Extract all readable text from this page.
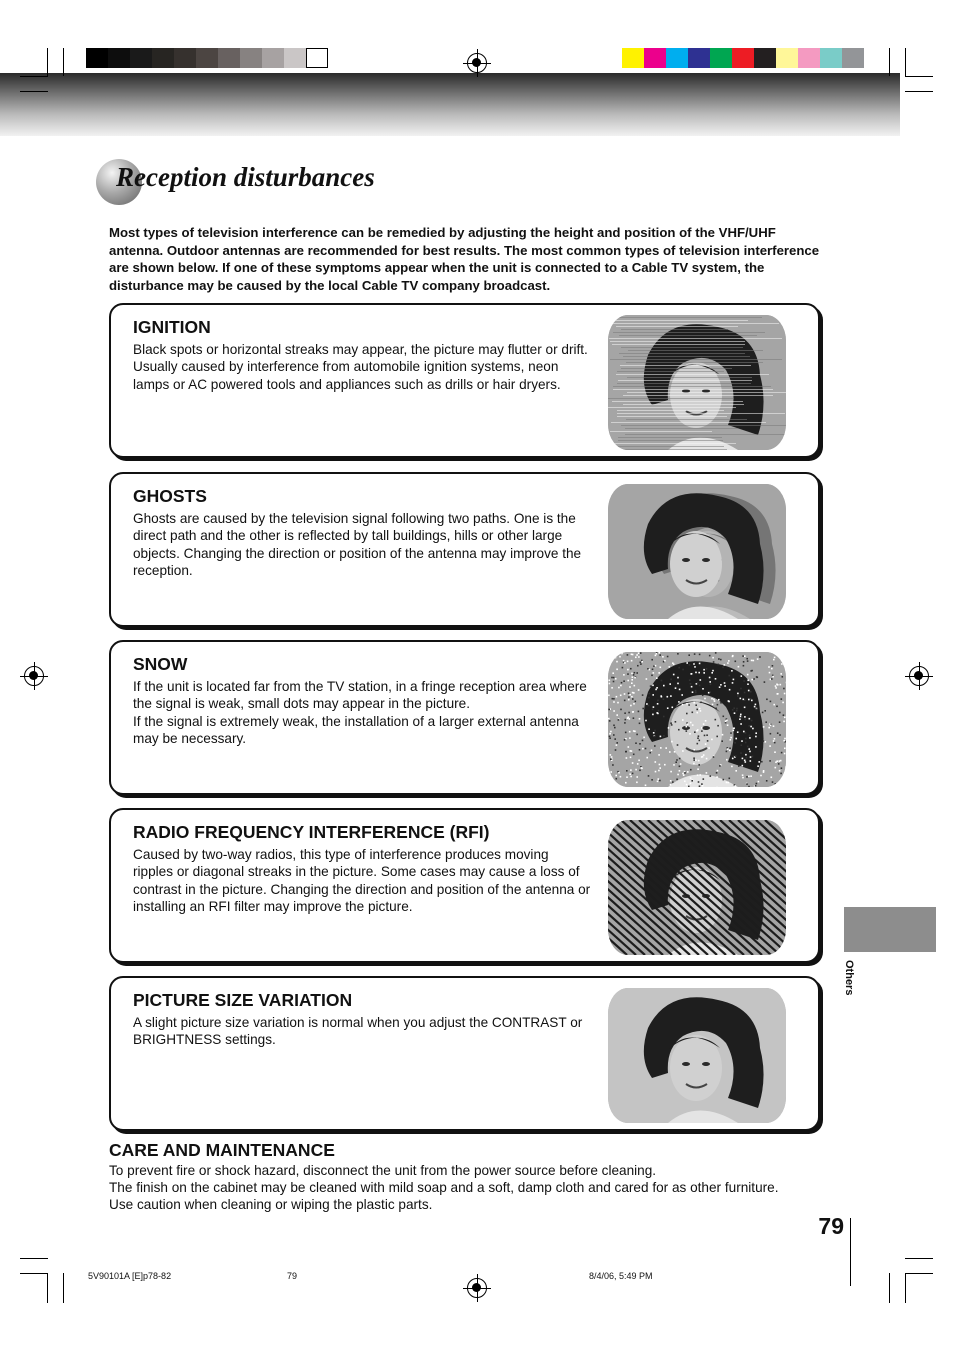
Reception disturbances

Most types of television interference can be remedied by adjusting the height and position of the VHF/UHF antenna. Outdoor antennas are recommended for best results. The most common types of television interference are shown below. If one of these symptoms appear when the unit is connected to a Cable TV system, the disturbance may be caused by the local Cable TV company broadcast.

IGNITION

Black spots or horizontal streaks may appear, the picture may flutter or drift. Usually caused by interference from automobile ignition systems, neon lamps or AC powered tools and appliances such as drills or hair dryers.

GHOSTS

Ghosts are caused by the television signal following two paths. One is the direct path and the other is reflected by tall buildings, hills or other large objects. Changing the direction or position of the antenna may improve the reception.

SNOW

If the unit is located far from the TV station, in a fringe reception area where the signal is weak, small dots may appear in the picture.
If the signal is extremely weak, the installation of a larger external antenna may be necessary.

RADIO FREQUENCY INTERFERENCE (RFI)

Caused by two-way radios, this type of interference produces moving ripples or diagonal streaks in the picture. Some cases may cause a loss of contrast in the picture. Changing the direction and position of the antenna or installing an RFI filter may improve the picture.

PICTURE SIZE VARIATION

A slight picture size variation is normal when you adjust the CONTRAST or BRIGHTNESS settings.

CARE AND MAINTENANCE

To prevent fire or shock hazard, disconnect the unit from the power source before cleaning.
The finish on the cabinet may be cleaned with mild soap and a soft, damp cloth and cared for as other furniture.
Use caution when cleaning or wiping the plastic parts.

Others

79

5V90101A [E]p78-82	79	8/4/06, 5:49 PM
